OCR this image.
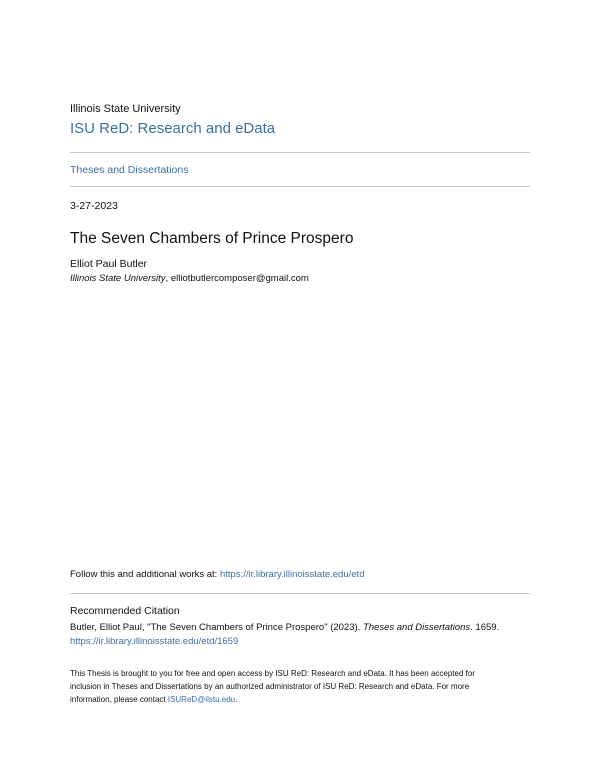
Illinois State University
ISU ReD: Research and eData
Theses and Dissertations
3-27-2023
The Seven Chambers of Prince Prospero
Elliot Paul Butler
Illinois State University, elliotbutlercomposer@gmail.com
Follow this and additional works at: https://ir.library.illinoisstate.edu/etd
Recommended Citation
Butler, Elliot Paul, "The Seven Chambers of Prince Prospero" (2023). Theses and Dissertations. 1659.
https://ir.library.illinoisstate.edu/etd/1659
This Thesis is brought to you for free and open access by ISU ReD: Research and eData. It has been accepted for
inclusion in Theses and Dissertations by an authorized administrator of ISU ReD: Research and eData. For more
information, please contact ISUReD@ilstu.edu.
